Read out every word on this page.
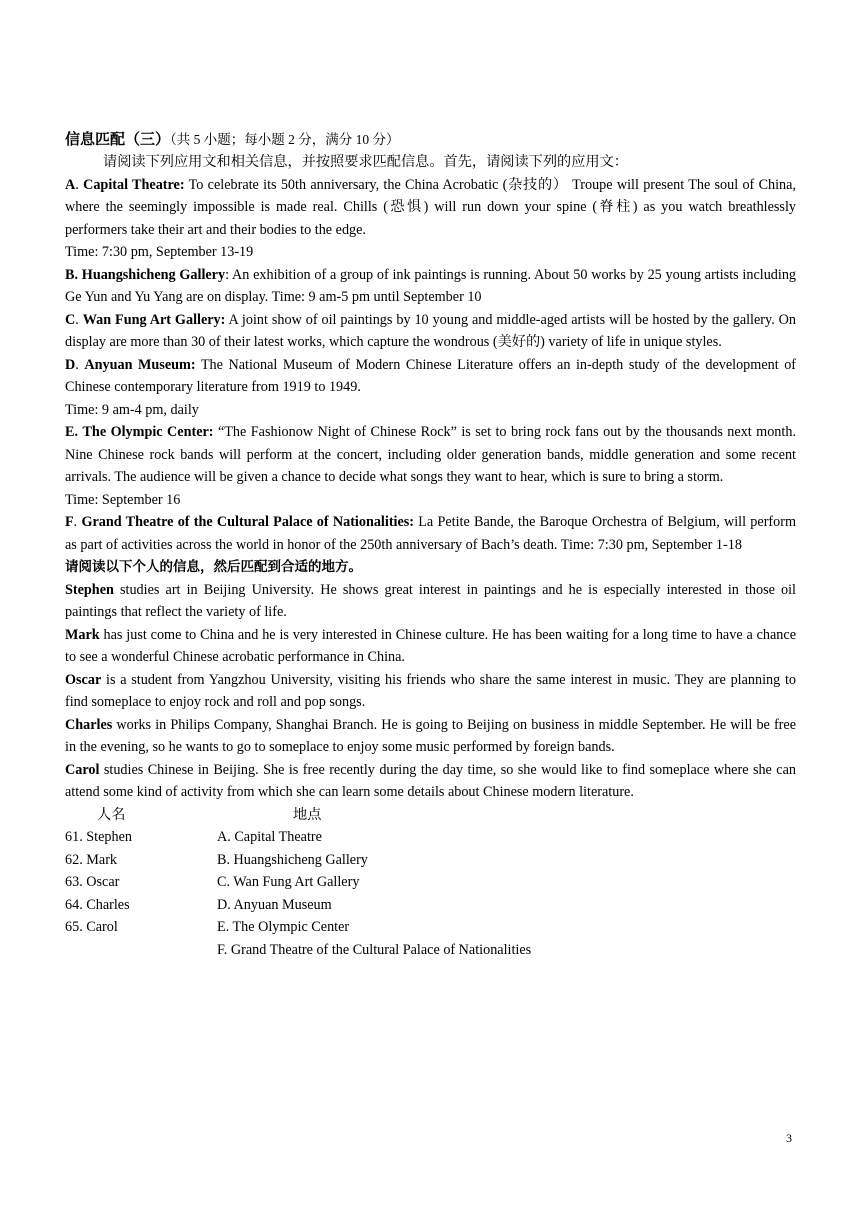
信息匹配（三）（共 5 小题；每小题 2 分，满分 10 分）

请阅读下列应用文和相关信息，并按照要求匹配信息。首先，请阅读下列的应用文：

A. Capital Theatre: To celebrate its 50th anniversary, the China Acrobatic (杂技的） Troupe will present The soul of China, where the seemingly impossible is made real. Chills (恐惧) will run down your spine (脊柱) as you watch breathlessly performers take their art and their bodies to the edge.

Time: 7:30 pm, September 13-19

B. Huangshicheng Gallery: An exhibition of a group of ink paintings is running. About 50 works by 25 young artists including Ge Yun and Yu Yang are on display. Time: 9 am-5 pm until September 10

C. Wan Fung Art Gallery: A joint show of oil paintings by 10 young and middle-aged artists will be hosted by the gallery. On display are more than 30 of their latest works, which capture the wondrous (美好的) variety of life in unique styles.

D. Anyuan Museum: The National Museum of Modern Chinese Literature offers an in-depth study of the development of Chinese contemporary literature from 1919 to 1949.

Time: 9 am-4 pm, daily

E. The Olympic Center: “The Fashionow Night of Chinese Rock” is set to bring rock fans out by the thousands next month. Nine Chinese rock bands will perform at the concert, including older generation bands, middle generation and some recent arrivals. The audience will be given a chance to decide what songs they want to hear, which is sure to bring a storm.

Time: September 16

F. Grand Theatre of the Cultural Palace of Nationalities: La Petite Bande, the Baroque Orchestra of Belgium, will perform as part of activities across the world in honor of the 250th anniversary of Bach’s death. Time: 7:30 pm, September 1-18

请阅读以下个人的信息，然后匹配到合适的地方。

Stephen studies art in Beijing University. He shows great interest in paintings and he is especially interested in those oil paintings that reflect the variety of life.

Mark has just come to China and he is very interested in Chinese culture. He has been waiting for a long time to have a chance to see a wonderful Chinese acrobatic performance in China.

Oscar is a student from Yangzhou University, visiting his friends who share the same interest in music. They are planning to find someplace to enjoy rock and roll and pop songs.

Charles works in Philips Company, Shanghai Branch. He is going to Beijing on business in middle September. He will be free in the evening, so he wants to go to someplace to enjoy some music performed by foreign bands.

Carol studies Chinese in Beijing. She is free recently during the day time, so she would like to find someplace where she can attend some kind of activity from which she can learn some details about Chinese modern literature.

人名	地点
61. Stephen	A. Capital Theatre
62. Mark	B. Huangshicheng Gallery
63. Oscar	C. Wan Fung Art Gallery
64. Charles	D. Anyuan Museum
65. Carol	E. The Olympic Center
F. Grand Theatre of the Cultural Palace of Nationalities
3
